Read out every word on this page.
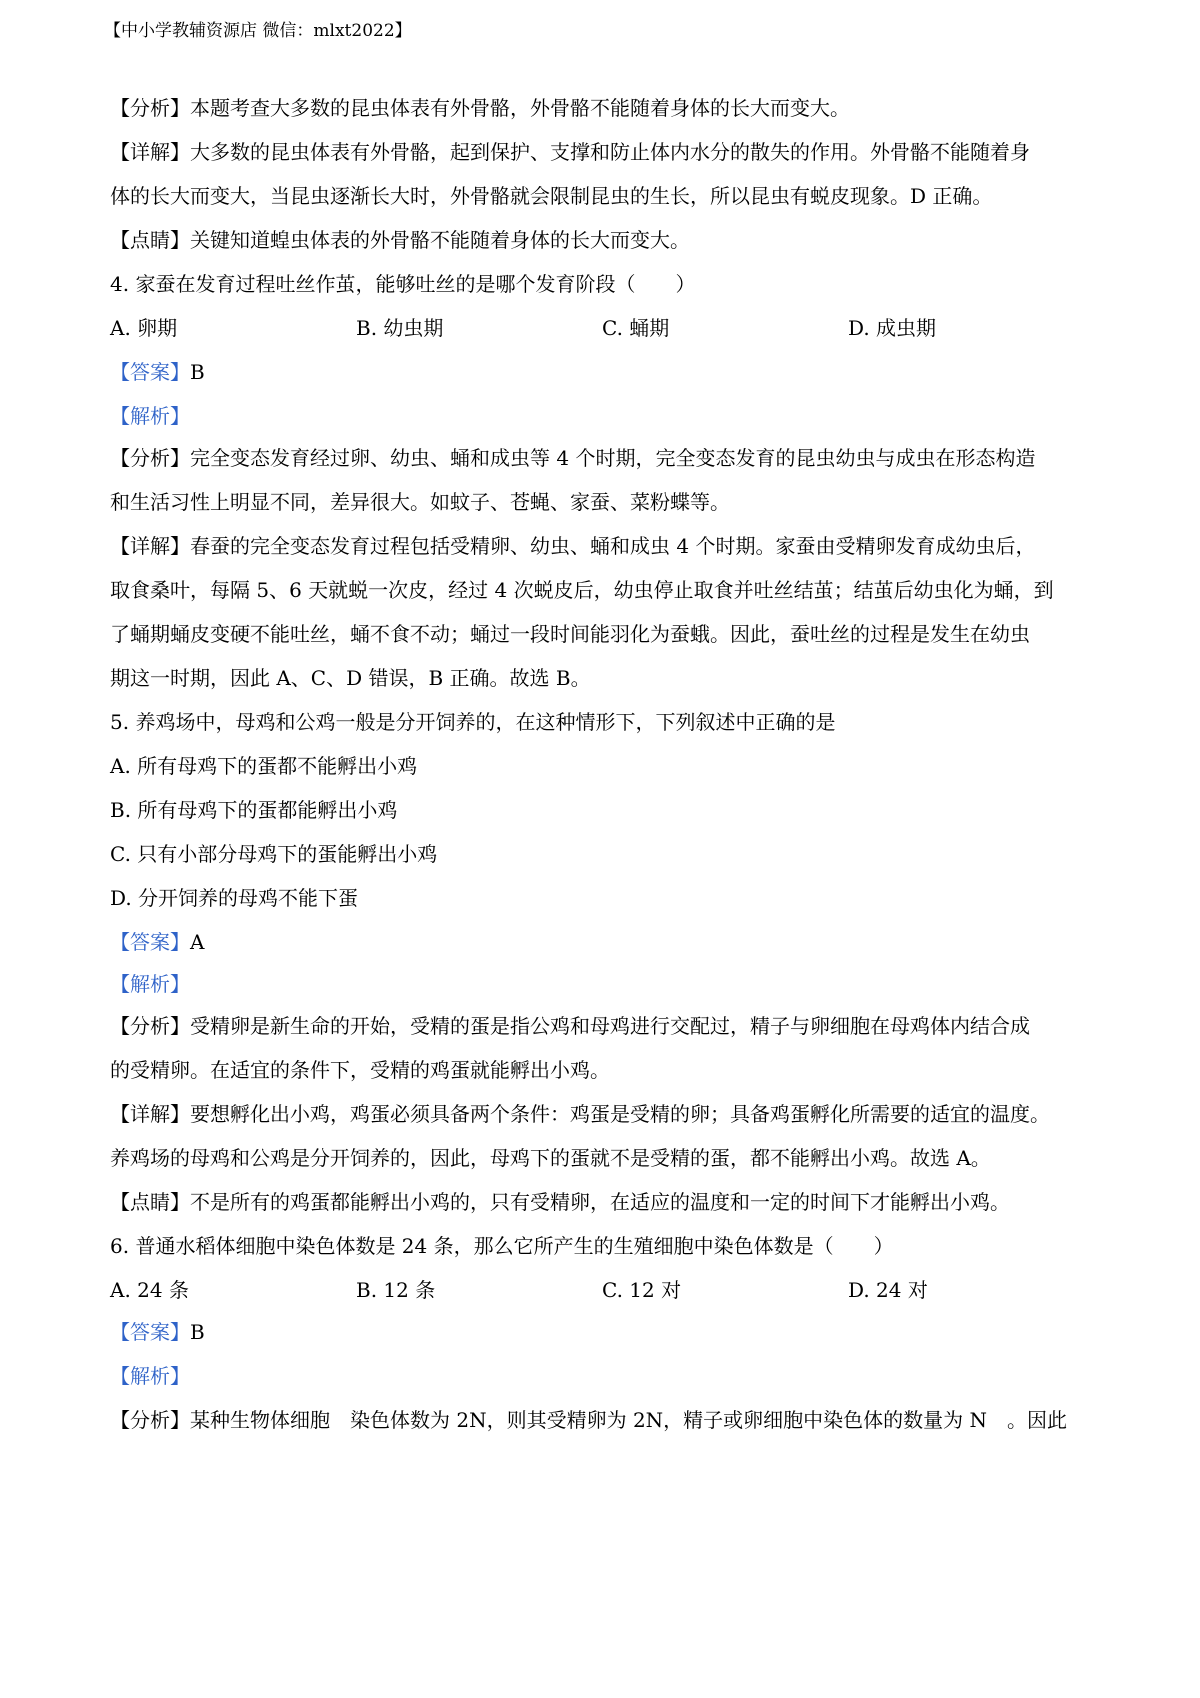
【中小学教辅资源店 微信：mlxt2022】
【分析】本题考查大多数的昆虫体表有外骨骼，外骨骼不能随着身体的长大而变大。
【详解】大多数的昆虫体表有外骨骼，起到保护、支撑和防止体内水分的散失的作用。外骨骼不能随着身
体的长大而变大，当昆虫逐渐长大时，外骨骼就会限制昆虫的生长，所以昆虫有蜕皮现象。D 正确。
【点睛】关键知道蝗虫体表的外骨骼不能随着身体的长大而变大。
4. 家蚕在发育过程吐丝作茧，能够吐丝的是哪个发育阶段（　　）
A. 卵期	B. 幼虫期	C. 蛹期	D. 成虫期
【答案】B
【解析】
【分析】完全变态发育经过卵、幼虫、蛹和成虫等 4 个时期，完全变态发育的昆虫幼虫与成虫在形态构造
和生活习性上明显不同，差异很大。如蚊子、苍蝇、家蚕、菜粉蝶等。
【详解】春蚕的完全变态发育过程包括受精卵、幼虫、蛹和成虫 4 个时期。家蚕由受精卵发育成幼虫后，
取食桑叶，每隔 5、6 天就蜕一次皮，经过 4 次蜕皮后，幼虫停止取食并吐丝结茧；结茧后幼虫化为蛹，到
了蛹期蛹皮变硬不能吐丝，蛹不食不动；蛹过一段时间能羽化为蚕蛾。因此，蚕吐丝的过程是发生在幼虫
期这一时期，因此 A、C、D 错误，B 正确。故选 B。
5. 养鸡场中，母鸡和公鸡一般是分开饲养的，在这种情形下，下列叙述中正确的是
A. 所有母鸡下的蛋都不能孵出小鸡
B. 所有母鸡下的蛋都能孵出小鸡
C. 只有小部分母鸡下的蛋能孵出小鸡
D. 分开饲养的母鸡不能下蛋
【答案】A
【解析】
【分析】受精卵是新生命的开始，受精的蛋是指公鸡和母鸡进行交配过，精子与卵细胞在母鸡体内结合成
的受精卵。在适宜的条件下，受精的鸡蛋就能孵出小鸡。
【详解】要想孵化出小鸡，鸡蛋必须具备两个条件：鸡蛋是受精的卵；具备鸡蛋孵化所需要的适宜的温度。
养鸡场的母鸡和公鸡是分开饲养的，因此，母鸡下的蛋就不是受精的蛋，都不能孵出小鸡。故选 A。
【点睛】不是所有的鸡蛋都能孵出小鸡的，只有受精卵，在适应的温度和一定的时间下才能孵出小鸡。
6. 普通水稻体细胞中染色体数是 24 条，那么它所产生的生殖细胞中染色体数是（　　）
A. 24 条	B. 12 条	C. 12 对	D. 24 对
【答案】B
【解析】
【分析】某种生物体细胞　染色体数为 2N，则其受精卵为 2N，精子或卵细胞中染色体的数量为 N　。因此
